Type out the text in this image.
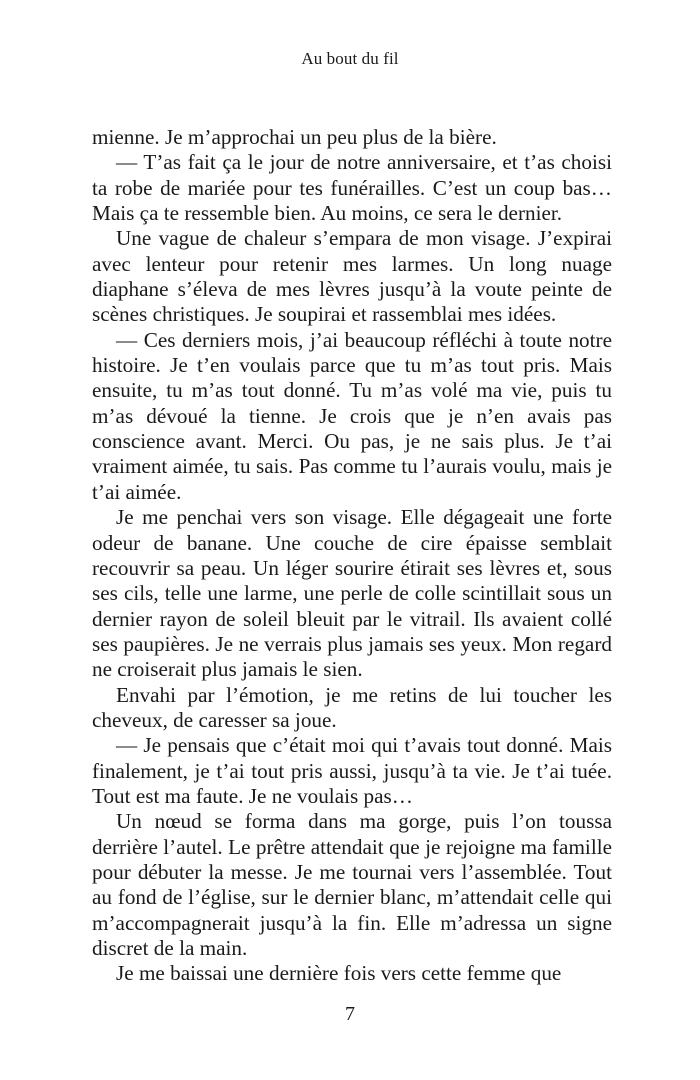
Au bout du fil

mienne. Je m’approchai un peu plus de la bière.

— T’as fait ça le jour de notre anniversaire, et t’as choisi ta robe de mariée pour tes funérailles. C’est un coup bas… Mais ça te ressemble bien. Au moins, ce sera le dernier.

Une vague de chaleur s’empara de mon visage. J’expirai avec lenteur pour retenir mes larmes. Un long nuage diaphane s’éleva de mes lèvres jusqu’à la voute peinte de scènes christiques. Je soupirai et rassemblai mes idées.

— Ces derniers mois, j’ai beaucoup réfléchi à toute notre histoire. Je t’en voulais parce que tu m’as tout pris. Mais ensuite, tu m’as tout donné. Tu m’as volé ma vie, puis tu m’as dévoué la tienne. Je crois que je n’en avais pas conscience avant. Merci. Ou pas, je ne sais plus. Je t’ai vraiment aimée, tu sais. Pas comme tu l’aurais voulu, mais je t’ai aimée.

Je me penchai vers son visage. Elle dégageait une forte odeur de banane. Une couche de cire épaisse semblait recouvrir sa peau. Un léger sourire étirait ses lèvres et, sous ses cils, telle une larme, une perle de colle scintillait sous un dernier rayon de soleil bleuit par le vitrail. Ils avaient collé ses paupières. Je ne verrais plus jamais ses yeux. Mon regard ne croiserait plus jamais le sien.

Envahi par l’émotion, je me retins de lui toucher les cheveux, de caresser sa joue.

— Je pensais que c’était moi qui t’avais tout donné. Mais finalement, je t’ai tout pris aussi, jusqu’à ta vie. Je t’ai tuée. Tout est ma faute. Je ne voulais pas…

Un nœud se forma dans ma gorge, puis l’on toussa derrière l’autel. Le prêtre attendait que je rejoigne ma famille pour débuter la messe. Je me tournai vers l’assemblée. Tout au fond de l’église, sur le dernier blanc, m’attendait celle qui m’accompagnerait jusqu’à la fin. Elle m’adressa un signe discret de la main.

Je me baissai une dernière fois vers cette femme que

7
